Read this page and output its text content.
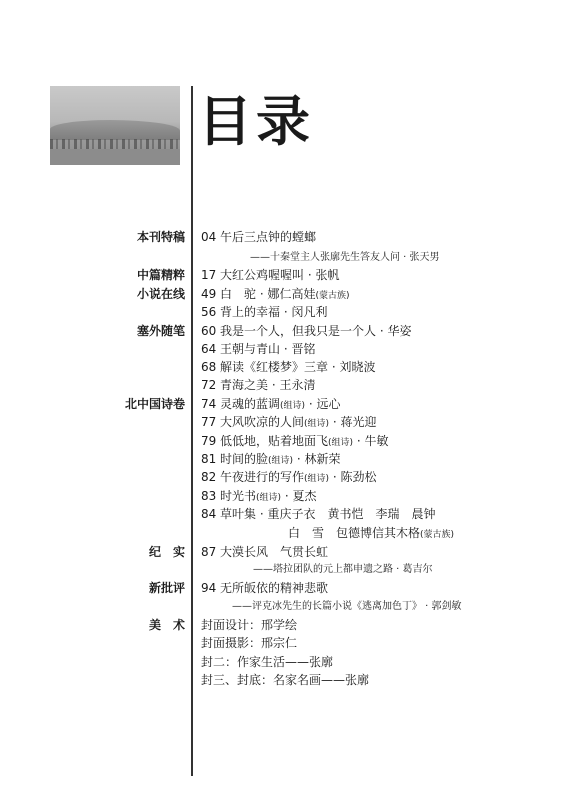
目录
本刊特稿
中篇精粹
小说在线
塞外随笔
北中国诗卷
纪　实
新批评
美　术
04 午后三点钟的螳螂
——十秦堂主人张廓先生答友人问 · 张天男
17 大红公鸡喔喔叫 · 张帆
49 白　驼 · 娜仁高娃(蒙古族)
56 背上的幸福 · 闵凡利
60 我是一个人，但我只是一个人 · 华姿
64 王朝与青山 · 晋铭
68 解读《红楼梦》三章 · 刘晓波
72 青海之美 · 王永清
74 灵魂的蓝调(组诗) · 远心
77 大风吹凉的人间(组诗) · 蒋光迎
79 低低地，贴着地面飞(组诗) · 牛敏
81 时间的脸(组诗) · 林新荣
82 午夜进行的写作(组诗) · 陈劲松
83 时光书(组诗) · 夏杰
84 草叶集 · 重庆子衣　黄书恺　李瑞　晨钟
白　雪　包德博信其木格(蒙古族)
87 大漠长风　气贯长虹
——塔拉团队的元上都申遗之路 · 葛吉尔
94 无所皈依的精神悲歌
——评克冰先生的长篇小说《逃离加色丁》 · 郭剑敏
封面设计：邢学绘
封面摄影：邢宗仁
封二：作家生活——张廓
封三、封底：名家名画——张廓
